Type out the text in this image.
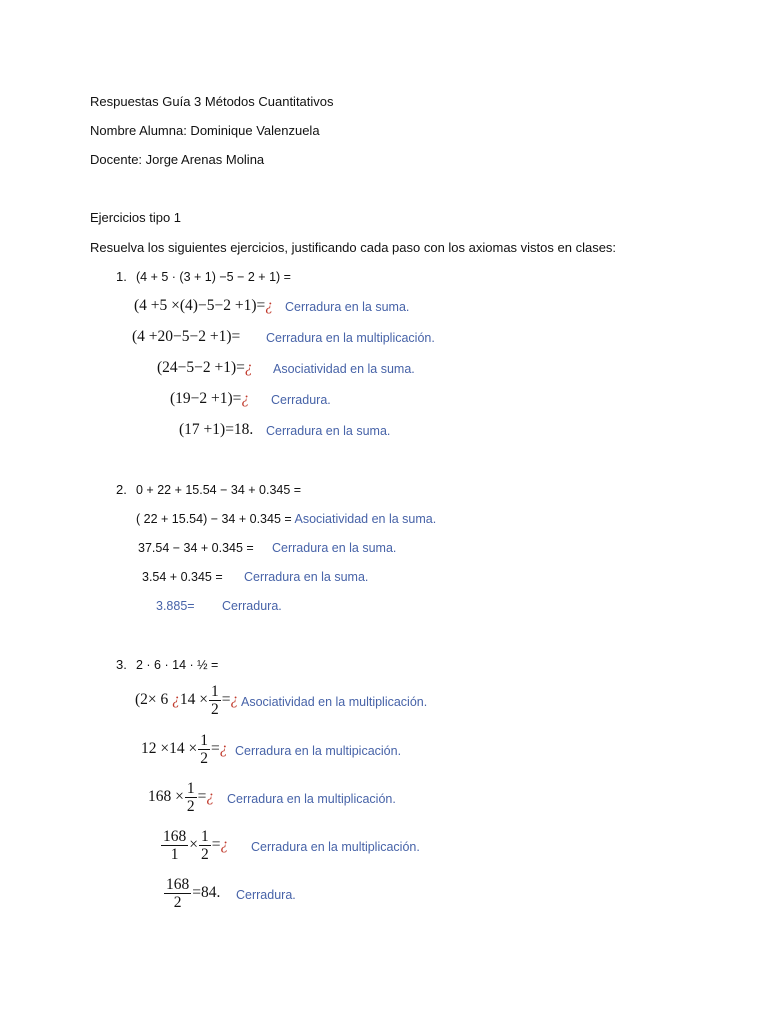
Respuestas Guía 3 Métodos Cuantitativos
Nombre Alumna: Dominique Valenzuela
Docente: Jorge Arenas Molina
Ejercicios tipo 1
Resuelva los siguientes ejercicios, justificando cada paso con los axiomas vistos en clases:
1. (4 + 5 · (3 + 1) −5 − 2 + 1) =
(4 +5 ×(4)−5−2 +1)=¿ Cerradura en la suma.
(4 +20−5−2 +1)= Cerradura en la multiplicación.
(24−5−2 +1)=¿ Asociatividad en la suma.
(19−2 +1)=¿ Cerradura.
(17 +1)=18. Cerradura en la suma.
2. 0 + 22 + 15.54 − 34 + 0.345 =
( 22 + 15.54) − 34 + 0.345 = Asociatividad en la suma.
37.54 − 34 + 0.345 = Cerradura en la suma.
3.54 + 0.345 = Cerradura en la suma.
3.885= Cerradura.
3. 2 · 6 · 14 · ½ =
(2× 6 ¿$14 \times \frac{1}{2}$ =¿ Asociatividad en la multiplicación.
$12 \times 14 \times \frac{1}{2}$ =¿ Cerradura en la multipicación.
$168 \times \frac{1}{2}$ =¿ Cerradura en la multiplicación.
$\frac{168}{1} \times \frac{1}{2}$ =¿ Cerradura en la multiplicación.
$\frac{168}{2} =84$. Cerradura.
